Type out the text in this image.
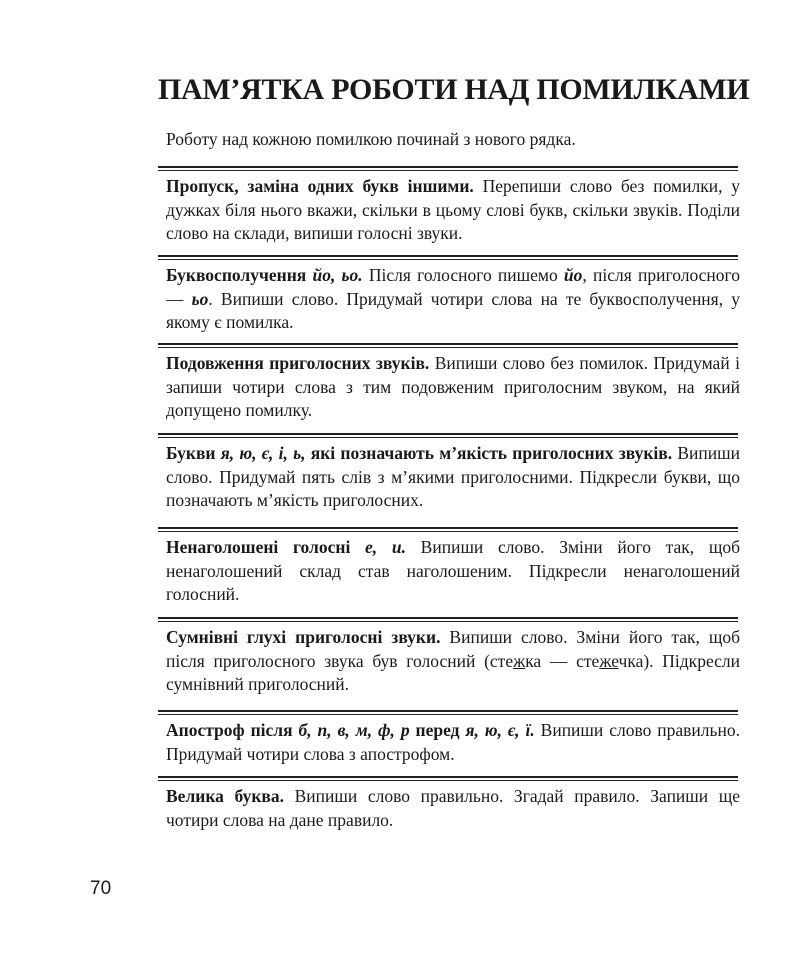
ПАМ’ЯТКА РОБОТИ НАД ПОМИЛКАМИ
Роботу над кожною помилкою починай з нового рядка.
Пропуск, заміна одних букв іншими. Перепиши слово без помилки, у дужках біля нього вкажи, скільки в цьому слові букв, скільки звуків. Поділи слово на склади, випиши голосні звуки.
Буквосполучення йо, ьо. Після голосного пишемо йо, після приголосного — ьо. Випиши слово. Придумай чотири слова на те буквосполучення, у якому є помилка.
Подовження приголосних звуків. Випиши слово без помилок. Придумай і запиши чотири слова з тим подовженим приголосним звуком, на який допущено помилку.
Букви я, ю, є, і, ь, які позначають м’якість приголосних звуків. Випиши слово. Придумай пять слів з м’якими приголосними. Підкресли букви, що позначають м’якість приголосних.
Ненаголошені голосні е, и. Випиши слово. Зміни його так, щоб ненаголошений склад став наголошеним. Підкресли ненаголошений голосний.
Сумнівні глухі приголосні звуки. Випиши слово. Зміни його так, щоб після приголосного звука був голосний (стежка — стежечка). Підкресли сумнівний приголосний.
Апостроф після б, п, в, м, ф, р перед я, ю, є, ї. Випиши слово правильно. Придумай чотири слова з апострофом.
Велика буква. Випиши слово правильно. Згадай правило. Запиши ще чотири слова на дане правило.
70
